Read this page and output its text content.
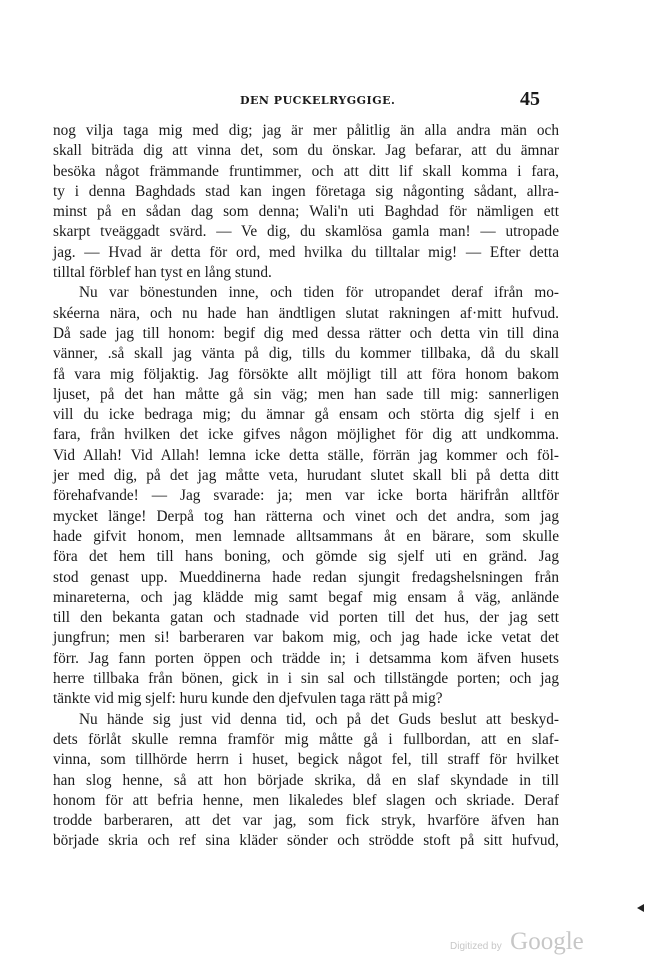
DEN PUCKELRYGGIGE.	45
nog vilja taga mig med dig; jag är mer pålitlig än alla andra män och
skall biträda dig att vinna det, som du önskar. Jag befarar, att du ämnar
besöka något främmande fruntimmer, och att ditt lif skall komma i fara,
ty i denna Baghdads stad kan ingen företaga sig någonting sådant, allra-
minst på en sådan dag som denna; Wali'n uti Baghdad för nämligen ett
skarpt tveäggadt svärd. — Ve dig, du skamlösa gamla man! — utropade
jag. — Hvad är detta för ord, med hvilka du tilltalar mig! — Efter detta
tilltal förblef han tyst en lång stund.
Nu var bönestunden inne, och tiden för utropandet deraf ifrån mo-
skéerna nära, och nu hade han ändtligen slutat rakningen af·mitt hufvud.
Då sade jag till honom: begif dig med dessa rätter och detta vin till dina
vänner, .så skall jag vänta på dig, tills du kommer tillbaka, då du skall
få vara mig följaktig. Jag försökte allt möjligt till att föra honom bakom
ljuset, på det han måtte gå sin väg; men han sade till mig: sannerligen
vill du icke bedraga mig; du ämnar gå ensam och störta dig sjelf i en
fara, från hvilken det icke gifves någon möjlighet för dig att undkomma.
Vid Allah! Vid Allah! lemna icke detta ställe, förrän jag kommer och föl-
jer med dig, på det jag måtte veta, hurudant slutet skall bli på detta ditt
förehafvande! — Jag svarade: ja; men var icke borta härifrån alltför
mycket länge! Derpå tog han rätterna och vinet och det andra, som jag
hade gifvit honom, men lemnade alltsammans åt en bärare, som skulle
föra det hem till hans boning, och gömde sig sjelf uti en gränd. Jag
stod genast upp. Mueddinerna hade redan sjungit fredagshelsningen från
minareterna, och jag klädde mig samt begaf mig ensam å väg, anlände
till den bekanta gatan och stadnade vid porten till det hus, der jag sett
jungfrun; men si! barberaren var bakom mig, och jag hade icke vetat det
förr. Jag fann porten öppen och trädde in; i detsamma kom äfven husets
herre tillbaka från bönen, gick in i sin sal och tillstängde porten; och jag
tänkte vid mig sjelf: huru kunde den djefvulen taga rätt på mig?
Nu hände sig just vid denna tid, och på det Guds beslut att beskyd-
dets förlåt skulle remna framför mig måtte gå i fullbordan, att en slaf-
vinna, som tillhörde herrn i huset, begick något fel, till straff för hvilket
han slog henne, så att hon började skrika, då en slaf skyndade in till
honom för att befria henne, men likaledes blef slagen och skriade. Deraf
trodde barberaren, att det var jag, som fick stryk, hvarföre äfven han
började skria och ref sina kläder sönder och strödde stoft på sitt hufvud,
Digitized by Google
